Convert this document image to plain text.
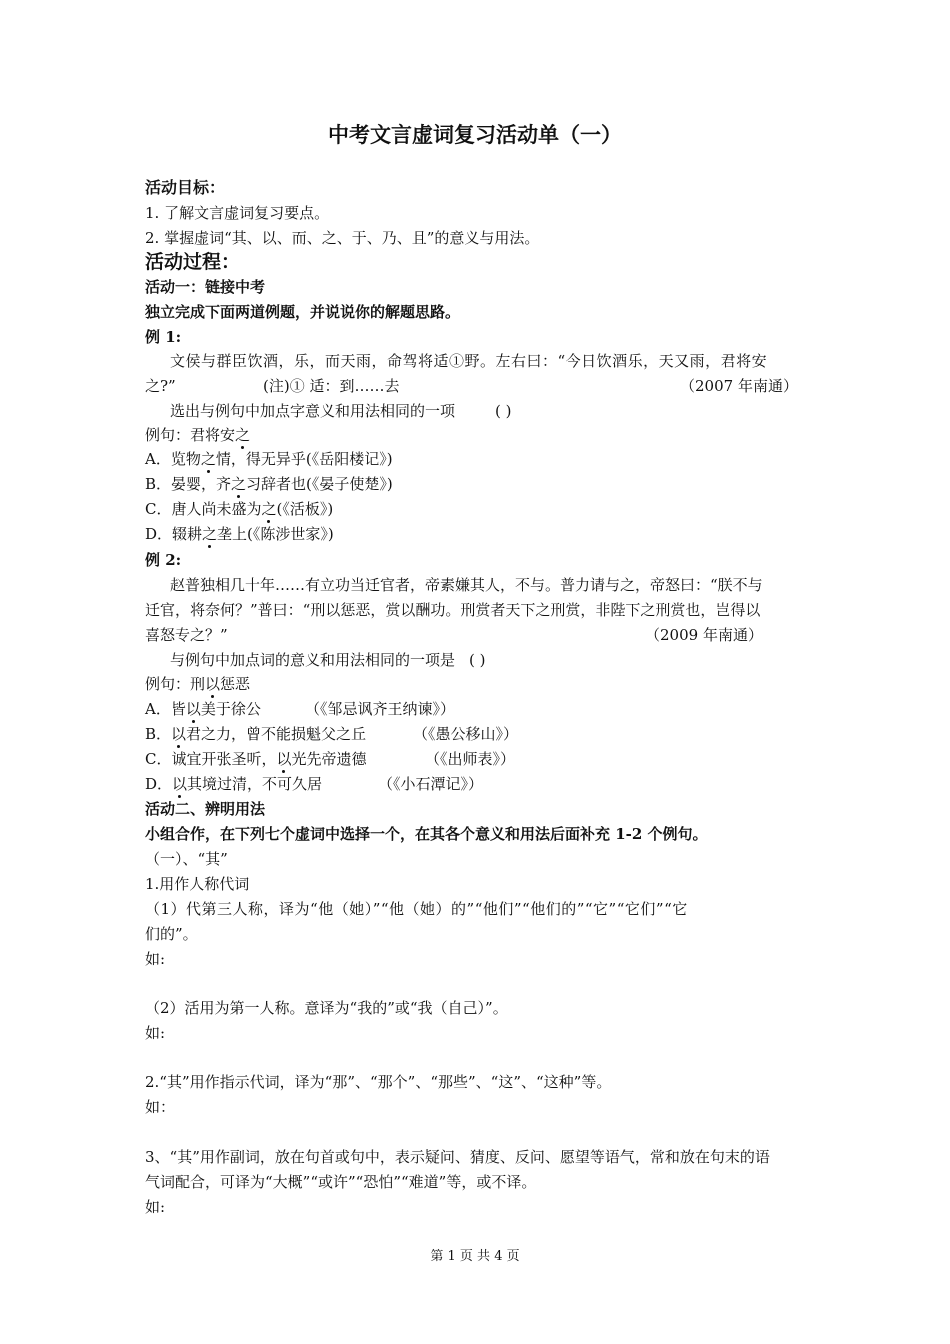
中考文言虚词复习活动单（一）
活动目标：
1. 了解文言虚词复习要点。
2. 掌握虚词“其、以、而、之、于、乃、且”的意义与用法。
活动过程：
活动一：链接中考
独立完成下面两道例题，并说说你的解题思路。
例 1:
文侯与群臣饮酒，乐，而天雨，命驾将适①野。左右曰：“今日饮酒乐，天又雨，君将安
之?”	(注)① 适：到……去	（2007 年南通）
选出与例句中加点字意义和用法相同的一项	( )
例句：君将安之
A．览物之情，得无异乎(《岳阳楼记》)
B．晏婴，齐之习辞者也(《晏子使楚》)
C．唐人尚未盛为之(《活板》)
D．辍耕之垄上(《陈涉世家》)
例 2:
赵普独相几十年……有立功当迁官者，帝素嫌其人，不与。普力请与之，帝怒曰：“朕不与
迁官，将奈何？”普曰：“刑以惩恶，赏以酬功。刑赏者天下之刑赏，非陛下之刑赏也，岂得以
喜怒专之？”	（2009 年南通）
与例句中加点词的意义和用法相同的一项是 ( )
例句：刑以惩恶
A．皆以美于徐公	（《邹忌讽齐王纳谏》）
B．以君之力，曾不能损魁父之丘	（《愚公移山》）
C．诚宜开张圣听，以光先帝遗德	（《出师表》）
D．以其境过清，不可久居	（《小石潭记》）
活动二、辨明用法
小组合作，在下列七个虚词中选择一个，在其各个意义和用法后面补充 1-2 个例句。
（一）、“其”
1.用作人称代词
（1）代第三人称，译为“他（她）”“他（她）的”“他们”“他们的”“它”“它们”“它
们的”。
如:
（2）活用为第一人称。意译为“我的”或“我（自己）”。
如:
2.“其”用作指示代词，译为“那”、“那个”、“那些”、“这”、“这种”等。
如：
3、“其”用作副词，放在句首或句中，表示疑问、猜度、反问、愿望等语气，常和放在句末的语
气词配合，可译为“大概”“或许”“恐怕”“难道”等，或不译。
如:
第 1 页 共 4 页
